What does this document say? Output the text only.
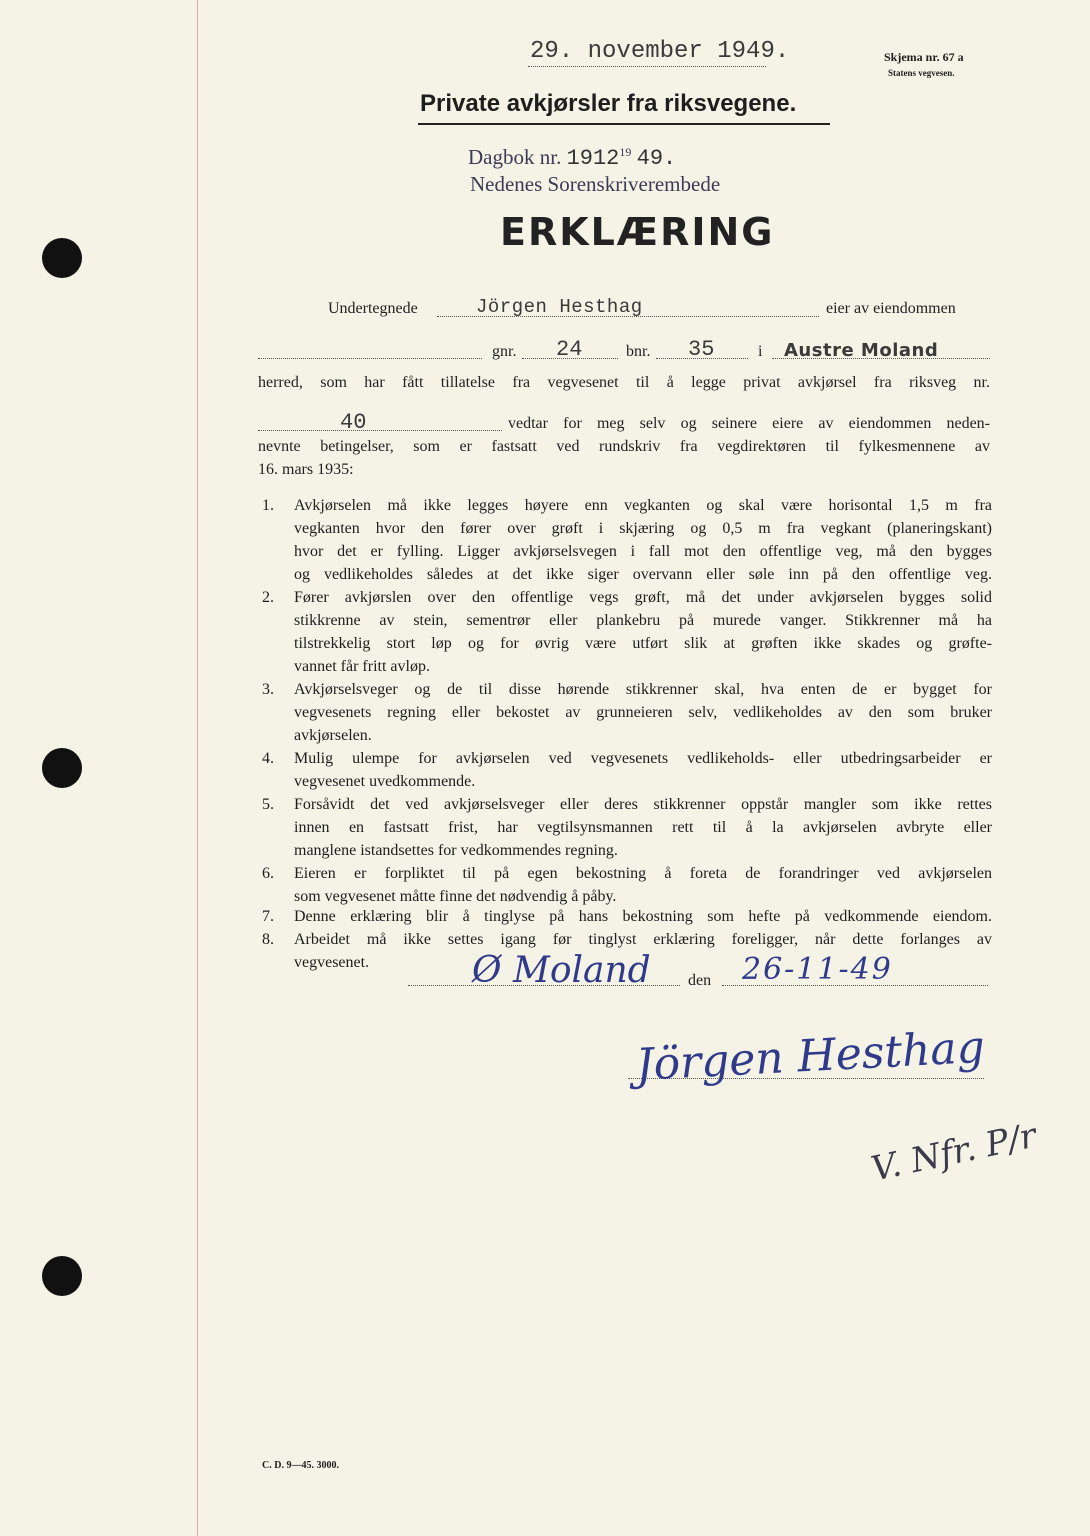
29. november 1949.	Skjema nr. 67 a
Statens vegvesen.
Private avkjørsler fra riksvegene.
Dagbok nr. 1912$^{19}$ 49.
Nedenes Sorenskriverembede
ERKLÆRING
Undertegnede	Jörgen Hesthag	eier av eiendommen
gnr. 24	bnr. 35	i Austre Moland
herred, som har fått tillatelse fra vegvesenet til å legge privat avkjørsel fra riksveg nr.
40	vedtar for meg selv og seinere eiere av eiendommen neden-
nevnte betingelser, som er fastsatt ved rundskriv fra vegdirektøren til fylkesmennene av
16. mars 1935:
1. Avkjørselen må ikke legges høyere enn vegkanten og skal være horisontal 1,5 m fra
vegkanten hvor den fører over grøft i skjæring og 0,5 m fra vegkant (planeringskant)
hvor det er fylling. Ligger avkjørselsvegen i fall mot den offentlige veg, må den bygges
og vedlikeholdes således at det ikke siger overvann eller søle inn på den offentlige veg.
2. Fører avkjørslen over den offentlige vegs grøft, må det under avkjørselen bygges solid
stikkrenne av stein, sementrør eller plankebru på murede vanger. Stikkrenner må ha
tilstrekkelig stort løp og for øvrig være utført slik at grøften ikke skades og grøfte-
vannet får fritt avløp.
3. Avkjørselsveger og de til disse hørende stikkrenner skal, hva enten de er bygget for
vegvesenets regning eller bekostet av grunneieren selv, vedlikeholdes av den som bruker
avkjørselen.
4. Mulig ulempe for avkjørselen ved vegvesenets vedlikeholds- eller utbedringsarbeider er
vegvesenet uvedkommende.
5. Forsåvidt det ved avkjørselsveger eller deres stikkrenner oppstår mangler som ikke rettes
innen en fastsatt frist, har vegtilsynsmannen rett til å la avkjørselen avbryte eller
manglene istandsettes for vedkommendes regning.
6. Eieren er forpliktet til på egen bekostning å foreta de forandringer ved avkjørselen
som vegvesenet måtte finne det nødvendig å påby.
7. Denne erklæring blir å tinglyse på hans bekostning som hefte på vedkommende eiendom.
8. Arbeidet må ikke settes igang før tinglyst erklæring foreligger, når dette forlanges av
vegvesenet.	Ø Moland den 26-11-49
Jörgen Hesthag
V. Nfr. P/r
C. D. 9—45. 3000.
